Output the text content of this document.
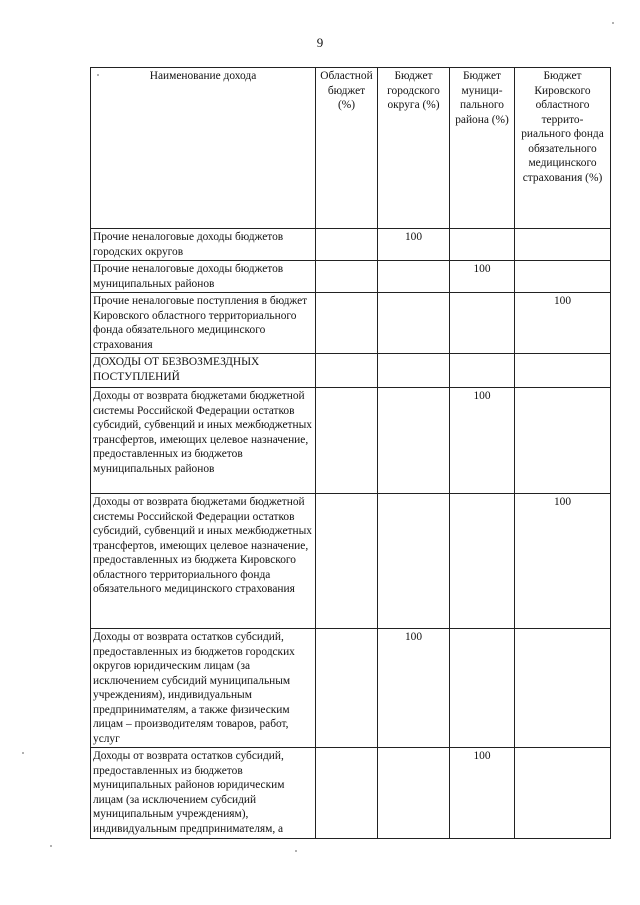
9
Наименование дохода	Областной бюджет (%)	Бюджет городского округа (%)	Бюджет муници-пального района (%)	Бюджет Кировского областного террито-риального фонда обязательного медицинского страхования (%)
Прочие неналоговые доходы бюджетов городских округов		100		
Прочие неналоговые доходы бюджетов муниципальных районов			100	
Прочие неналоговые поступления в бюджет Кировского областного территориального фонда обязательного медицинского страхования				100
ДОХОДЫ ОТ БЕЗВОЗМЕЗДНЫХ ПОСТУПЛЕНИЙ				
Доходы от возврата бюджетами бюджетной системы Российской Федерации остатков субсидий, субвенций и иных межбюджетных трансфертов, имеющих целевое назначение, предоставленных из бюджетов муниципальных районов			100	
Доходы от возврата бюджетами бюджетной системы Российской Федерации остатков субсидий, субвенций и иных межбюджетных трансфертов, имеющих целевое назначение, предоставленных из бюджета Кировского областного территориального фонда обязательного медицинского страхования				100
Доходы от возврата остатков субсидий, предоставленных из бюджетов городских округов юридическим лицам (за исключением субсидий муниципальным учреждениям), индивидуальным предпринимателям, а также физическим лицам – производителям товаров, работ, услуг		100		
Доходы от возврата остатков субсидий, предоставленных из бюджетов муниципальных районов юридическим лицам (за исключением субсидий муниципальным учреждениям), индивидуальным предпринимателям, а			100	
